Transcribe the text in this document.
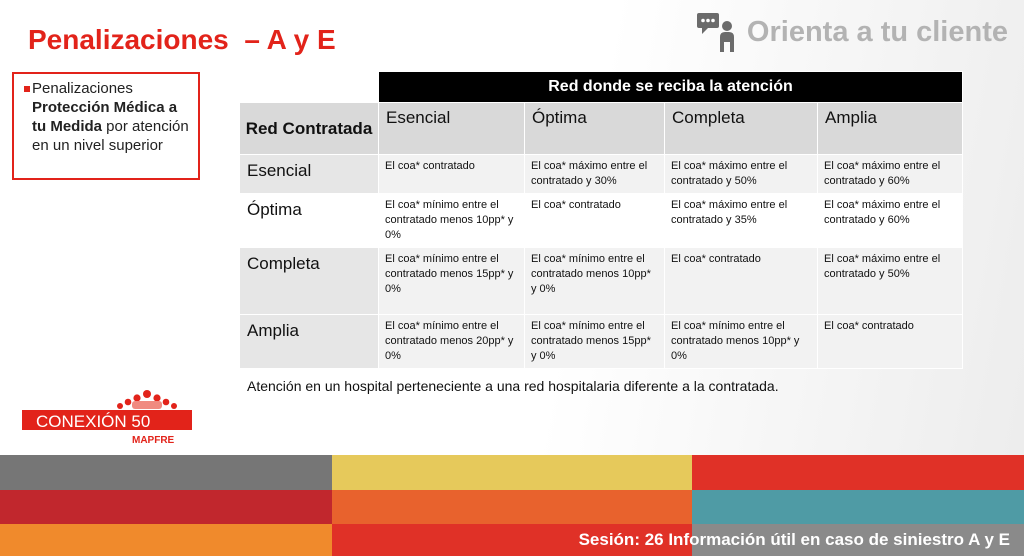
Penalizaciones  – A y E	Orienta a tu cliente

Penalizaciones
Protección Médica a tu Medida por atención en un nivel superior

	Red donde se reciba la atención			
Red Contratada	Esencial	Óptima	Completa	Amplia
Esencial	El coa* contratado	El coa* máximo entre el contratado y 30%	El coa* máximo entre el contratado y 50%	El coa* máximo entre el contratado y 60%
Óptima	El coa* mínimo entre el contratado menos 10pp* y 0%	El coa* contratado	El coa* máximo entre el contratado y 35%	El coa* máximo entre el contratado y 60%
Completa	El coa* mínimo entre el contratado menos 15pp* y 0%	El coa* mínimo entre el contratado menos 10pp* y 0%	El coa* contratado	El coa* máximo entre el contratado y 50%
Amplia	El coa* mínimo entre el contratado menos 20pp* y 0%	El coa* mínimo entre el contratado menos 15pp* y 0%	El coa* mínimo entre el contratado menos 10pp* y 0%	El coa* contratado
Atención en un hospital perteneciente a una red hospitalaria diferente a la contratada.
CONEXIÓN 50
MAPFRE
Sesión: 26 Información útil en caso de siniestro A y E
